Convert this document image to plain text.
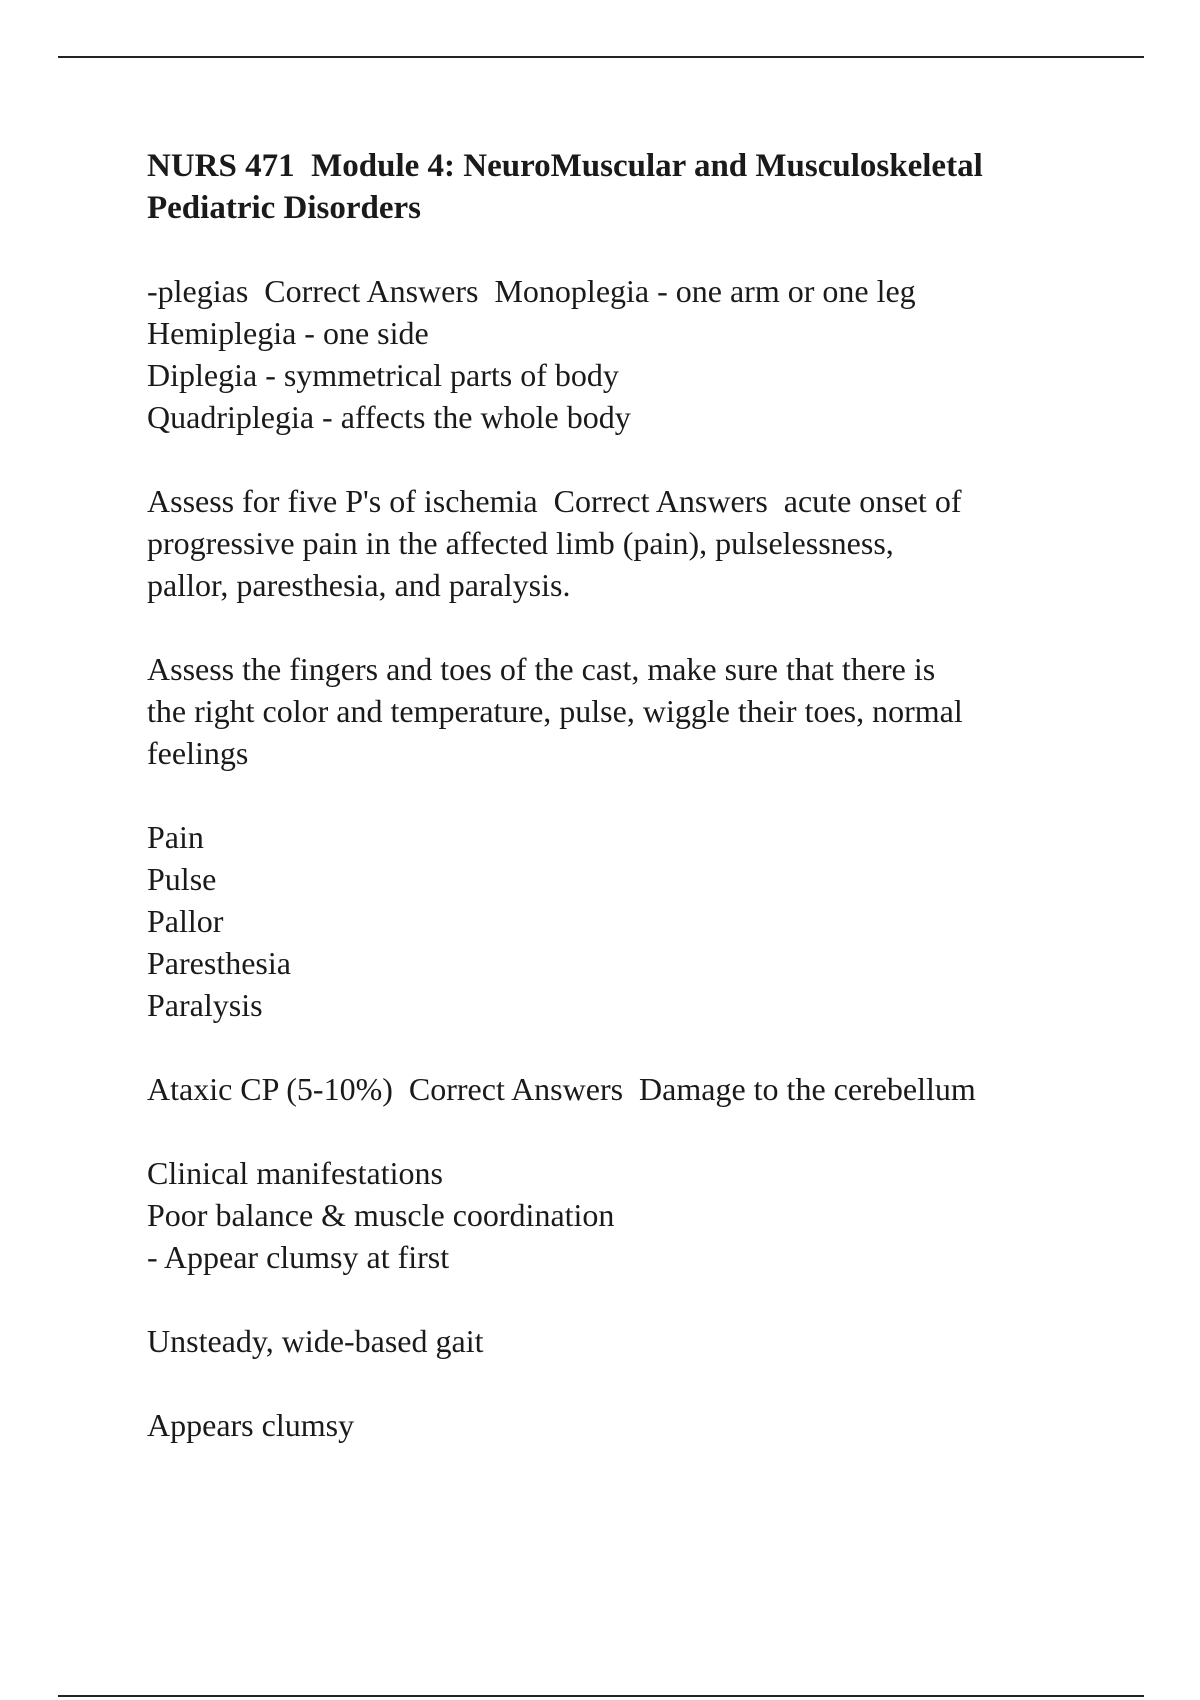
NURS 471  Module 4: NeuroMuscular and Musculoskeletal
Pediatric Disorders
-plegias  Correct Answers  Monoplegia - one arm or one leg
Hemiplegia - one side
Diplegia - symmetrical parts of body
Quadriplegia - affects the whole body
Assess for five P's of ischemia  Correct Answers  acute onset of
progressive pain in the affected limb (pain), pulselessness,
pallor, paresthesia, and paralysis.
Assess the fingers and toes of the cast, make sure that there is
the right color and temperature, pulse, wiggle their toes, normal
feelings
Pain
Pulse
Pallor
Paresthesia
Paralysis
Ataxic CP (5-10%)  Correct Answers  Damage to the cerebellum
Clinical manifestations
Poor balance & muscle coordination
- Appear clumsy at first
Unsteady, wide-based gait
Appears clumsy
